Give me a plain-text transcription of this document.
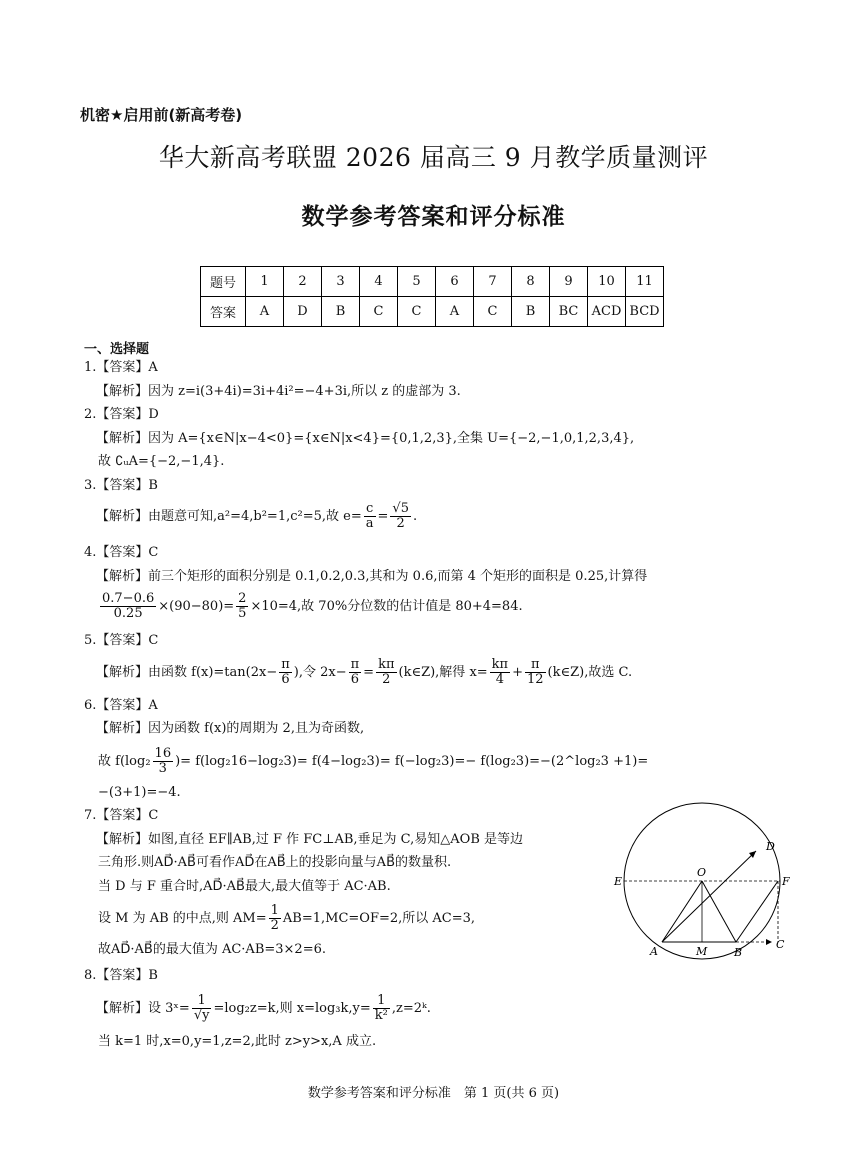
机密★启用前(新高考卷)
华大新高考联盟 2026 届高三 9 月教学质量测评
数学参考答案和评分标准
题号	1	2	3	4	5	6	7	8	9	10	11
答案	A	D	B	C	C	A	C	B	BC	ACD	BCD
一、选择题
1.【答案】A
【解析】因为 z=i(3+4i)=3i+4i²=−4+3i,所以 z 的虚部为 3.
2.【答案】D
【解析】因为 A={x∈N|x−4<0}={x∈N|x<4}={0,1,2,3},全集 U={−2,−1,0,1,2,3,4},
故 ∁ᵤA={−2,−1,4}.
3.【答案】B
【解析】由题意可知,a²=4,b²=1,c²=5,故 $e= \frac{c}{a} = \frac{√5}{2}$ .
4.【答案】C
【解析】前三个矩形的面积分别是 0.1,0.2,0.3,其和为 0.6,而第 4 个矩形的面积是 0.25,计算得
$\frac{0.7-0.6}{0.25} \times(90-80)= \frac{2}{5} \times 10=4$,故 70%分位数的估计值是 80+4=84.
5.【答案】C
【解析】由函数 $f(x)=\tan(2x- \frac{\pi}{6}$ ),令 $2x- \frac{\pi}{6} = \frac{k\pi}{2}$ (k∈Z),解得 $x= \frac{k\pi}{4} + \frac{\pi}{12}$ (k∈Z),故选 C.
6.【答案】A
【解析】因为函数 f(x)的周期为 2,且为奇函数,
故 $f(\log_2 \frac{16}{3}$ )= f(log₂16−log₂3)= f(4−log₂3)= f(−log₂3)=− f(log₂3)=−(2^log₂3 +1)=
−(3+1)=−4.
7.【答案】C
【解析】如图,直径 EF∥AB,过 F 作 FC⊥AB,垂足为 C,易知△AOB 是等边
三角形.则AD⃗·AB⃗可看作AD⃗在AB⃗上的投影向量与AB⃗的数量积.
当 D 与 F 重合时,AD⃗·AB⃗最大,最大值等于 AC·AB.
设 M 为 AB 的中点,则 $AM= \frac{1}{2} AB=1,MC=OF=2$,所以 AC=3,
故AD⃗·AB⃗的最大值为 AC·AB=3×2=6.
O
D
E	F
A	M B
C
8.【答案】B
【解析】设 3ˣ= $\frac{1}{√y} =\log_2z=k$,则 $x=\log_3k,y= \frac{1}{\text{k²}}$ ,z=2ᵏ.
当 k=1 时,x=0,y=1,z=2,此时 z>y>x,A 成立.
数学参考答案和评分标准　第 1 页(共 6 页)
